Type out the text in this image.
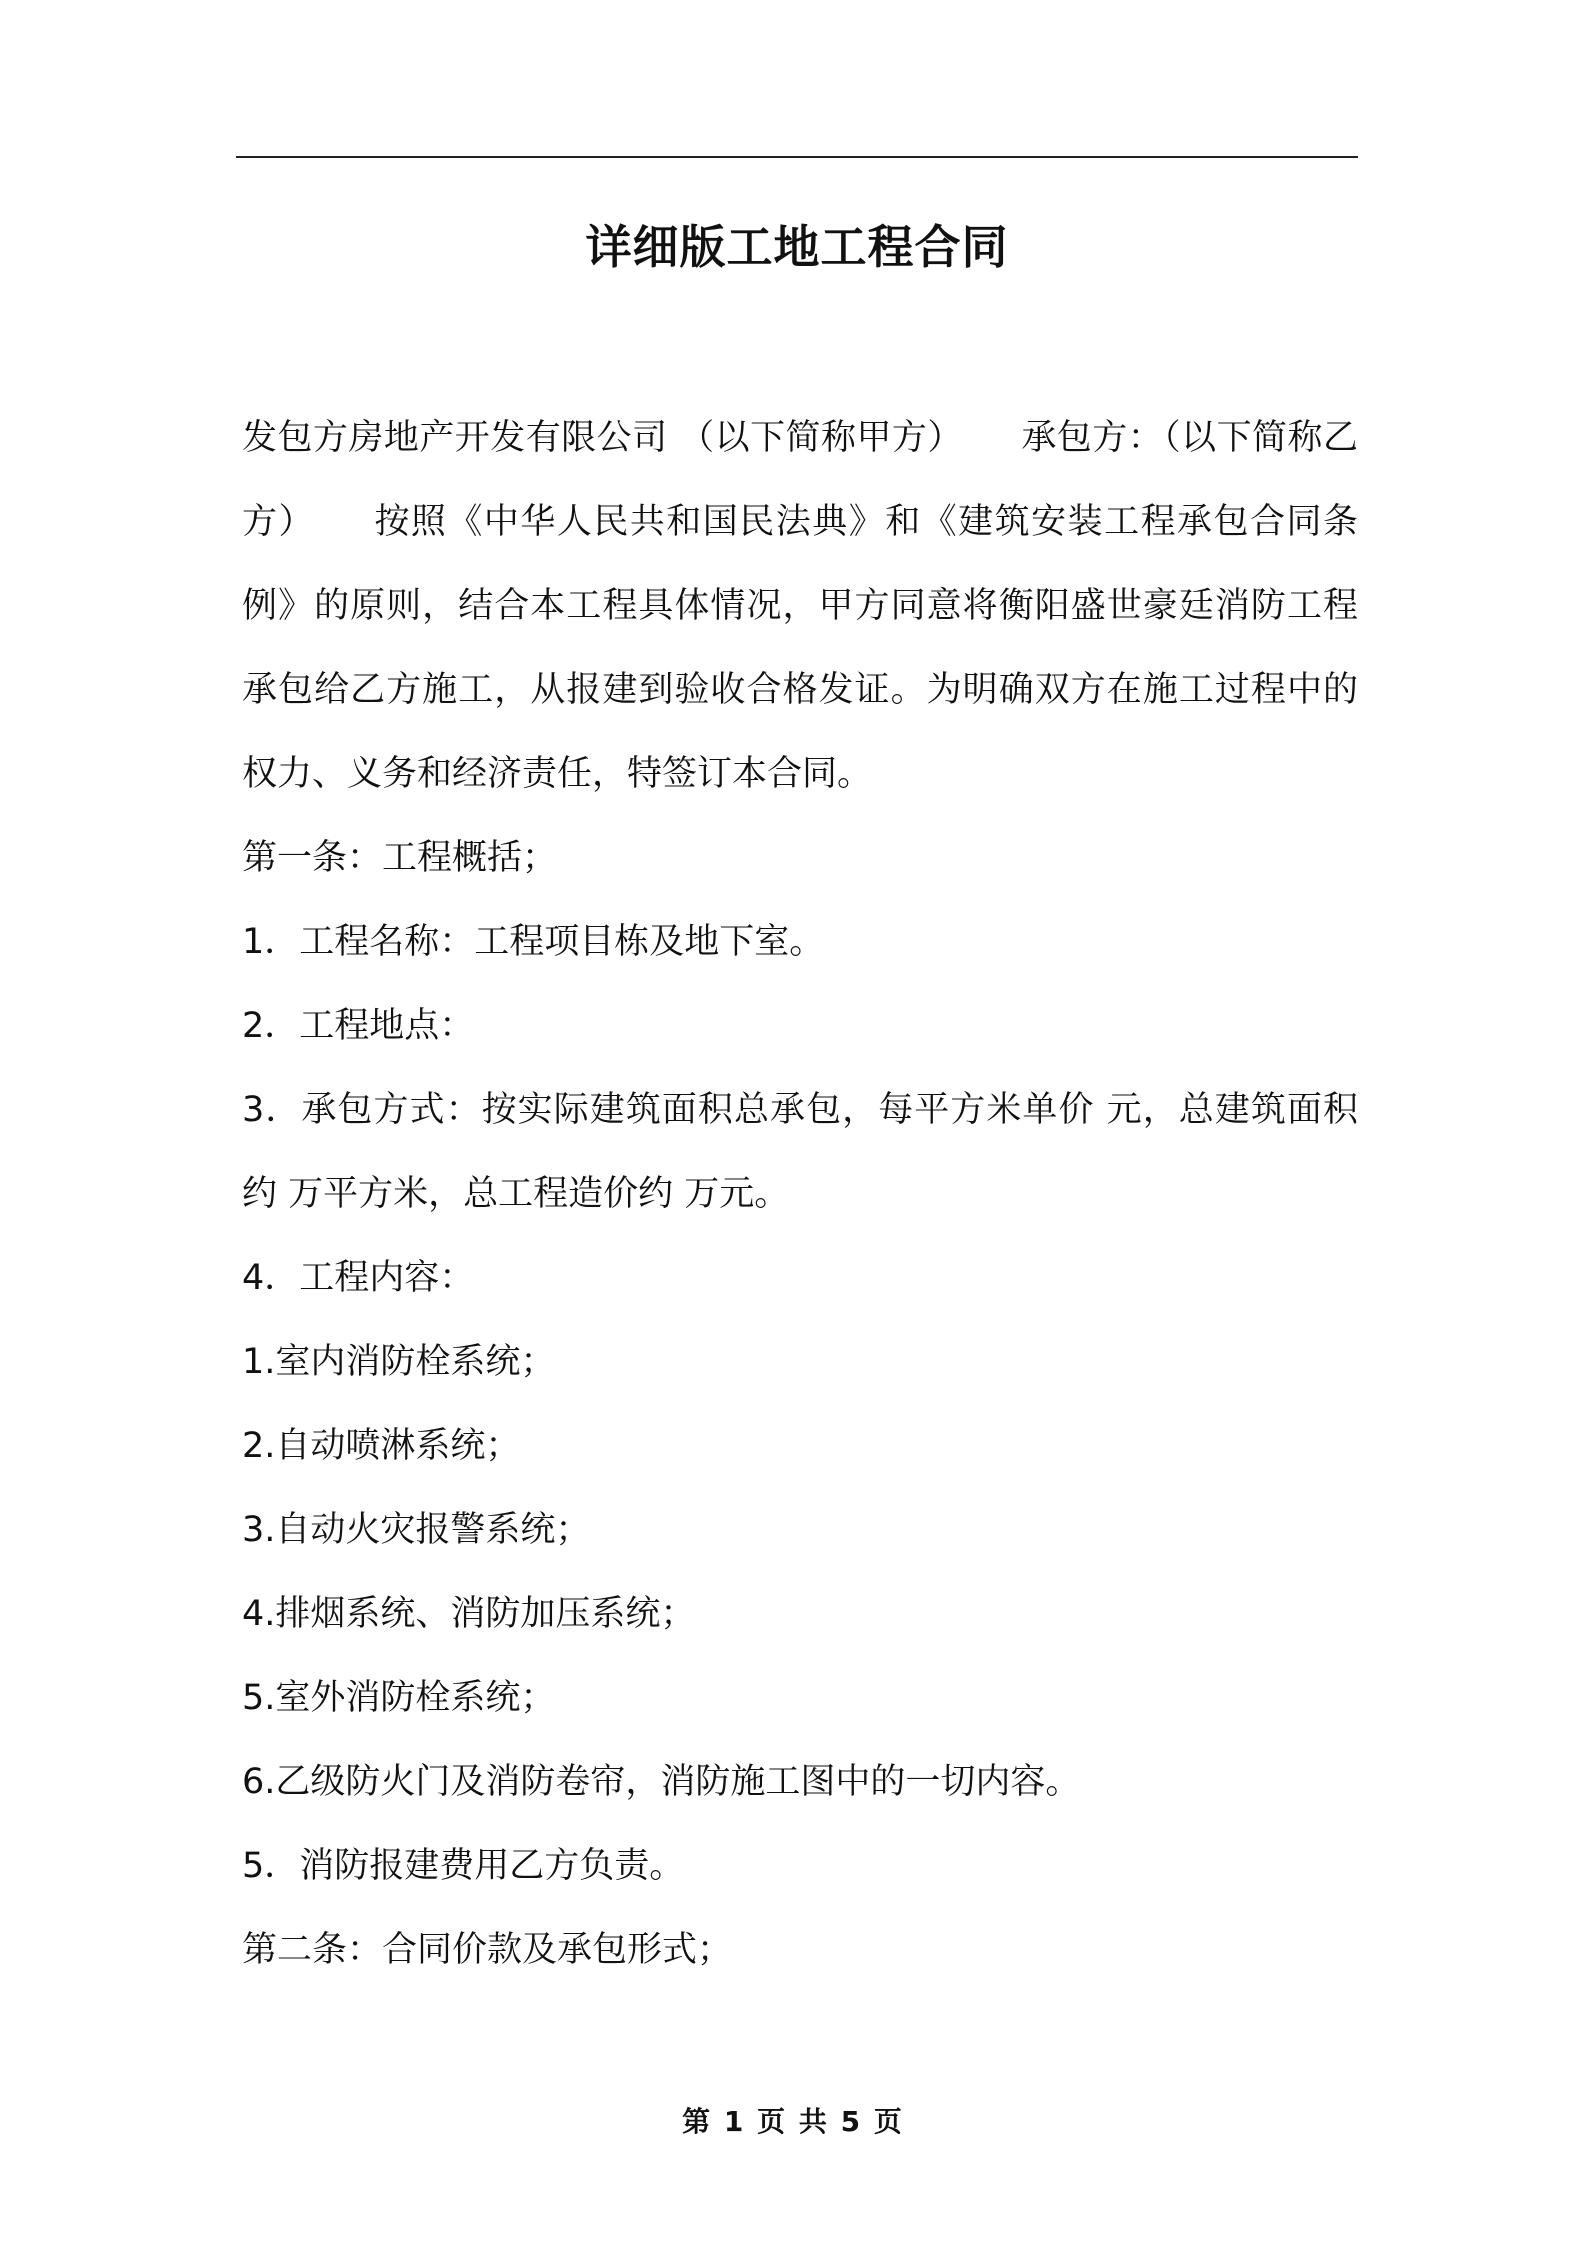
详细版工地工程合同

发包方房地产开发有限公司 （以下简称甲方） 承包方：（以下简称乙方） 按照《中华人民共和国民法典》和《建筑安装工程承包合同条例》的原则，结合本工程具体情况，甲方同意将衡阳盛世豪廷消防工程承包给乙方施工，从报建到验收合格发证。为明确双方在施工过程中的权力、义务和经济责任，特签订本合同。

第一条：工程概括；

1．工程名称：工程项目栋及地下室。

2．工程地点：

3．承包方式：按实际建筑面积总承包，每平方米单价 元，总建筑面积约 万平方米，总工程造价约 万元。

4．工程内容：

1.室内消防栓系统；

2.自动喷淋系统；

3.自动火灾报警系统；

4.排烟系统、消防加压系统；

5.室外消防栓系统；

6.乙级防火门及消防卷帘，消防施工图中的一切内容。

5．消防报建费用乙方负责。

第二条：合同价款及承包形式；

第 1 页 共 5 页
